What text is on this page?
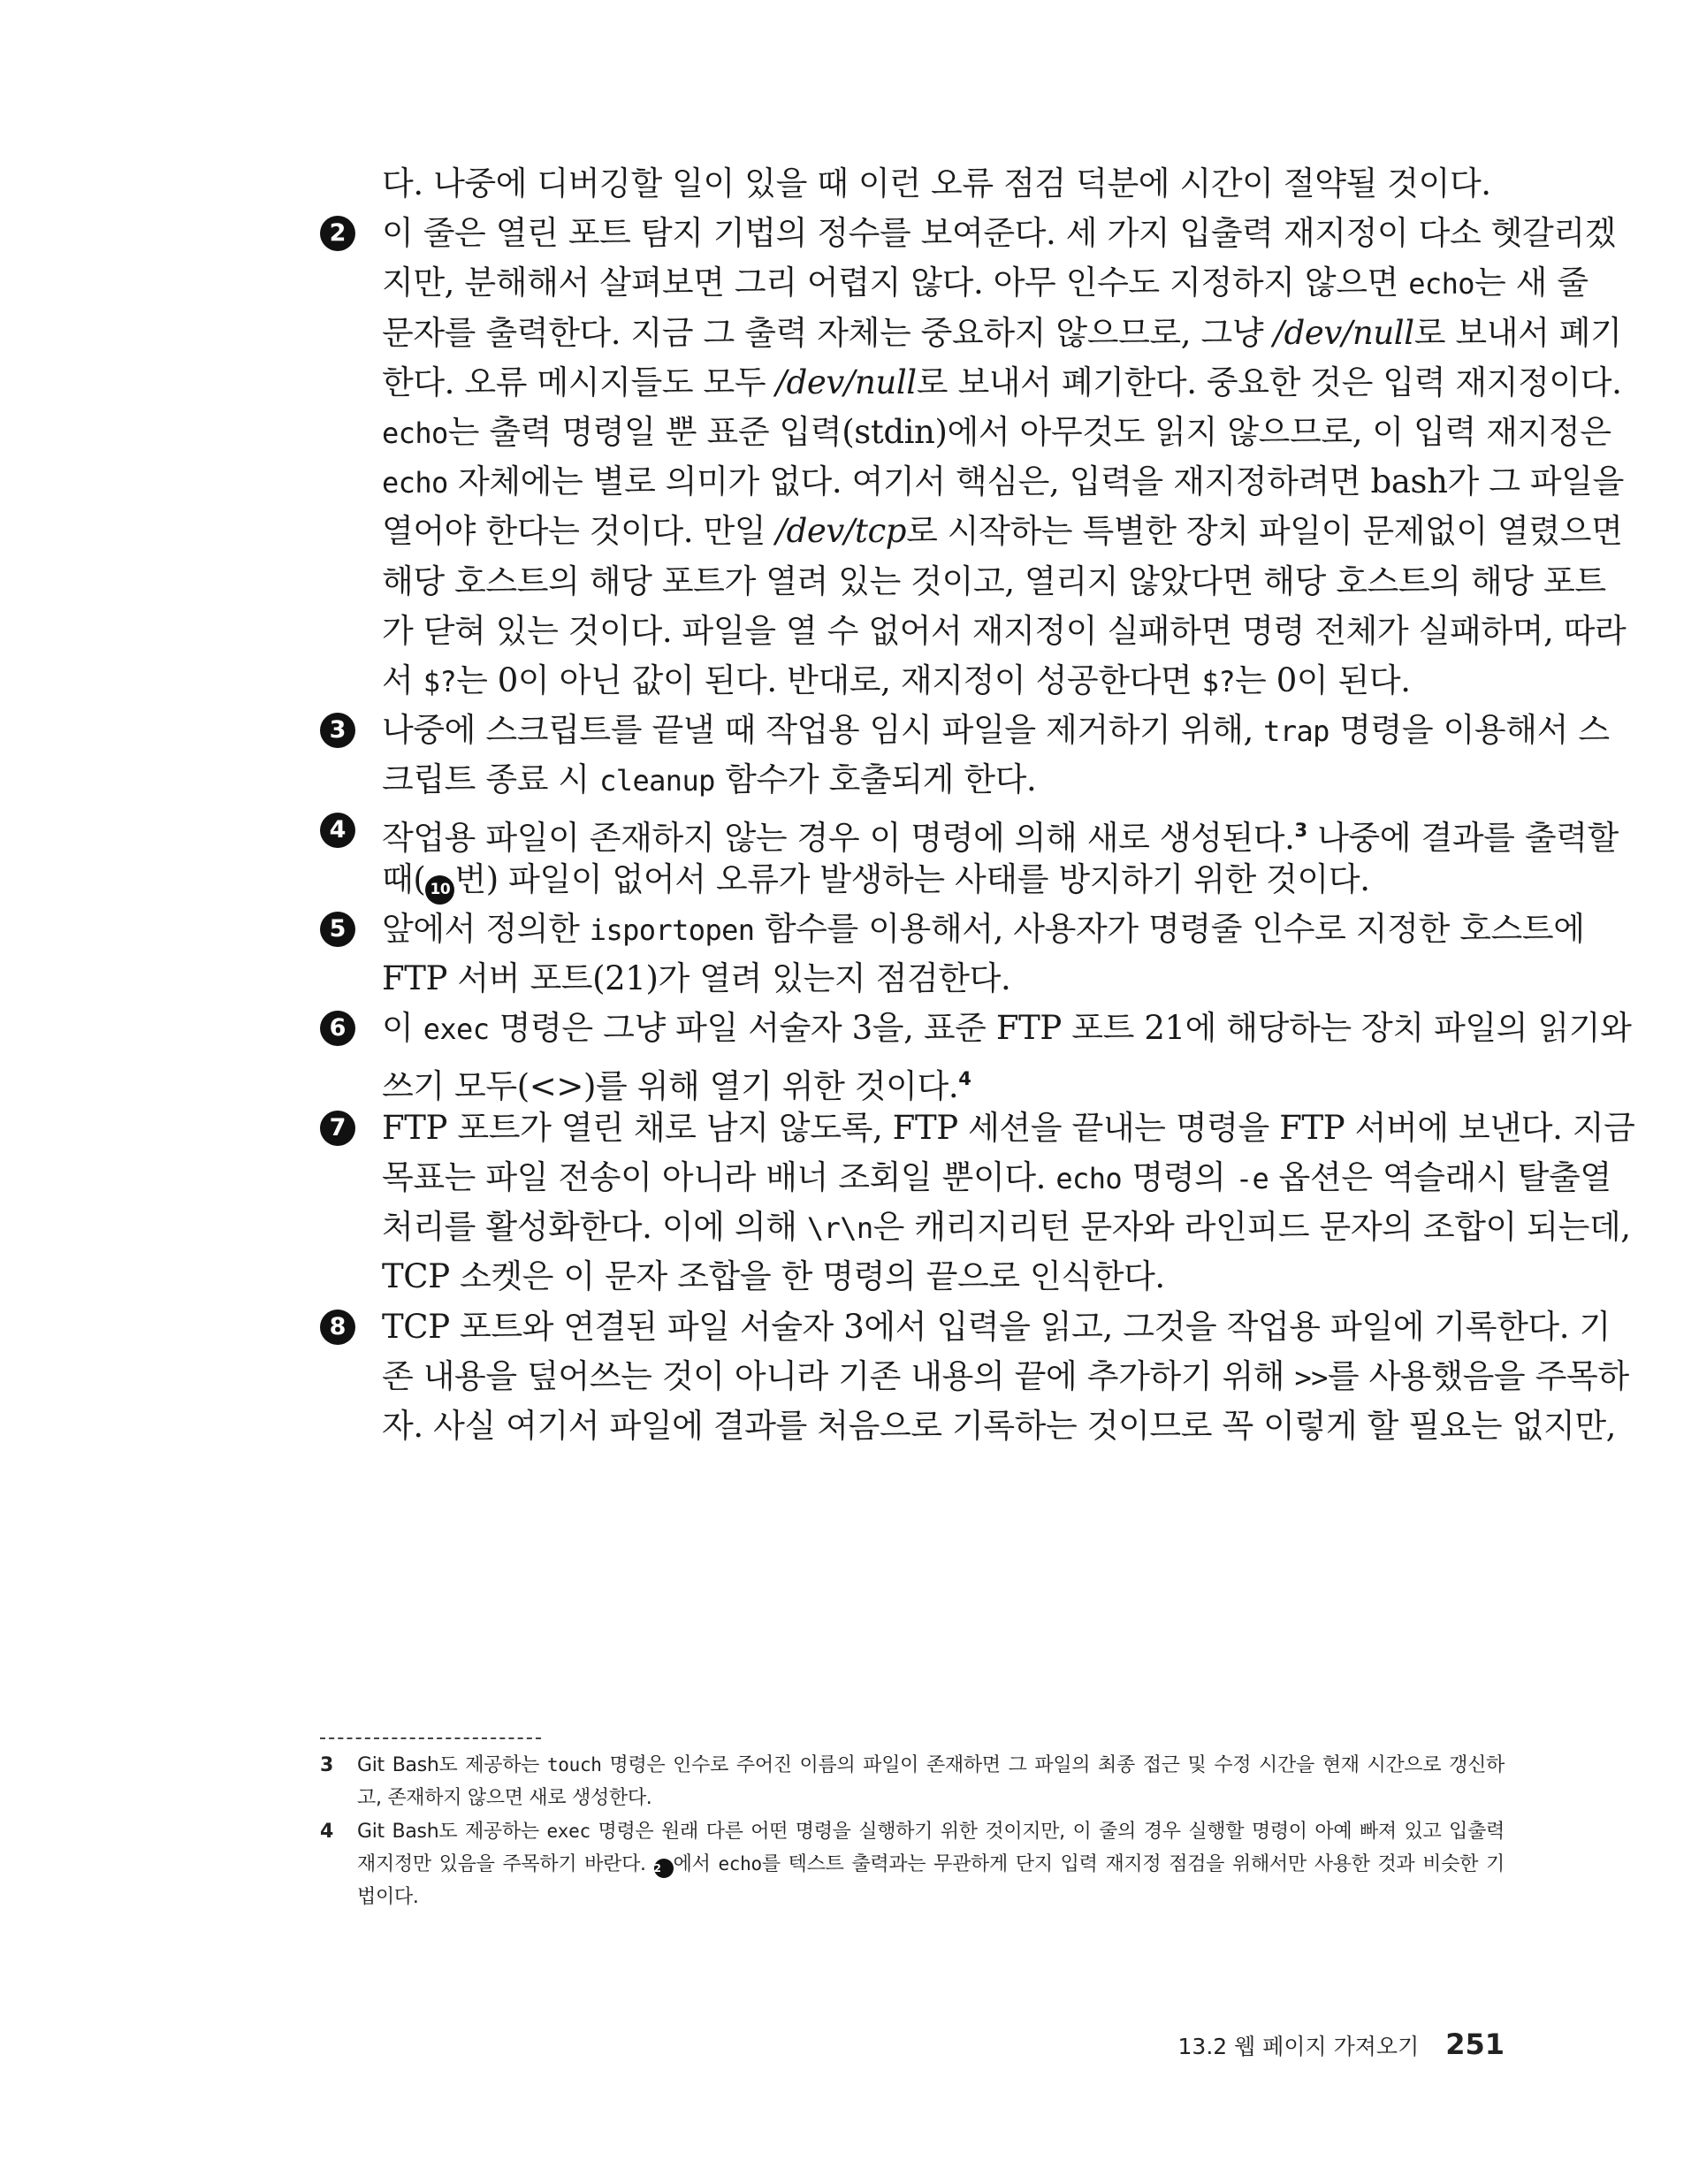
다. 나중에 디버깅할 일이 있을 때 이런 오류 점검 덕분에 시간이 절약될 것이다.
이 줄은 열린 포트 탐지 기법의 정수를 보여준다. 세 가지 입출력 재지정이 다소 헷갈리겠
지만, 분해해서 살펴보면 그리 어렵지 않다. 아무 인수도 지정하지 않으면 echo는 새 줄
문자를 출력한다. 지금 그 출력 자체는 중요하지 않으므로, 그냥 /dev/null로 보내서 폐기
한다. 오류 메시지들도 모두 /dev/null로 보내서 폐기한다. 중요한 것은 입력 재지정이다.
echo는 출력 명령일 뿐 표준 입력(stdin)에서 아무것도 읽지 않으므로, 이 입력 재지정은
echo 자체에는 별로 의미가 없다. 여기서 핵심은, 입력을 재지정하려면 bash가 그 파일을
열어야 한다는 것이다. 만일 /dev/tcp로 시작하는 특별한 장치 파일이 문제없이 열렸으면
해당 호스트의 해당 포트가 열려 있는 것이고, 열리지 않았다면 해당 호스트의 해당 포트
가 닫혀 있는 것이다. 파일을 열 수 없어서 재지정이 실패하면 명령 전체가 실패하며, 따라
서 $?는 0이 아닌 값이 된다. 반대로, 재지정이 성공한다면 $?는 0이 된다.
나중에 스크립트를 끝낼 때 작업용 임시 파일을 제거하기 위해, trap 명령을 이용해서 스
크립트 종료 시 cleanup 함수가 호출되게 한다.
작업용 파일이 존재하지 않는 경우 이 명령에 의해 새로 생성된다.$^3$ 나중에 결과를 출력할
때( 10 번) 파일이 없어서 오류가 발생하는 사태를 방지하기 위한 것이다.
앞에서 정의한 isportopen 함수를 이용해서, 사용자가 명령줄 인수로 지정한 호스트에
FTP 서버 포트(21)가 열려 있는지 점검한다.
이 exec 명령은 그냥 파일 서술자 3을, 표준 FTP 포트 21에 해당하는 장치 파일의 읽기와
쓰기 모두(<>)를 위해 열기 위한 것이다.$^4$
FTP 포트가 열린 채로 남지 않도록, FTP 세션을 끝내는 명령을 FTP 서버에 보낸다. 지금
목표는 파일 전송이 아니라 배너 조회일 뿐이다. echo 명령의 -e 옵션은 역슬래시 탈출열
처리를 활성화한다. 이에 의해 \r\n은 캐리지리턴 문자와 라인피드 문자의 조합이 되는데,
TCP 소켓은 이 문자 조합을 한 명령의 끝으로 인식한다.
TCP 포트와 연결된 파일 서술자 3에서 입력을 읽고, 그것을 작업용 파일에 기록한다. 기
존 내용을 덮어쓰는 것이 아니라 기존 내용의 끝에 추가하기 위해 >>를 사용했음을 주목하
자. 사실 여기서 파일에 결과를 처음으로 기록하는 것이므로 꼭 이렇게 할 필요는 없지만,
2
3
4
5
6
7
8
3 Git Bash도 제공하는 touch 명령은 인수로 주어진 이름의 파일이 존재하면 그 파일의 최종 접근 및 수정 시간을 현재 시간으로 갱신하
고, 존재하지 않으면 새로 생성한다.
4 Git Bash도 제공하는 exec 명령은 원래 다른 어떤 명령을 실행하기 위한 것이지만, 이 줄의 경우 실행할 명령이 아예 빠져 있고 입출력
재지정만 있음을 주목하기 바란다. 2 에서 echo를 텍스트 출력과는 무관하게 단지 입력 재지정 점검을 위해서만 사용한 것과 비슷한 기
법이다.
13.2 웹 페이지 가져오기 251
